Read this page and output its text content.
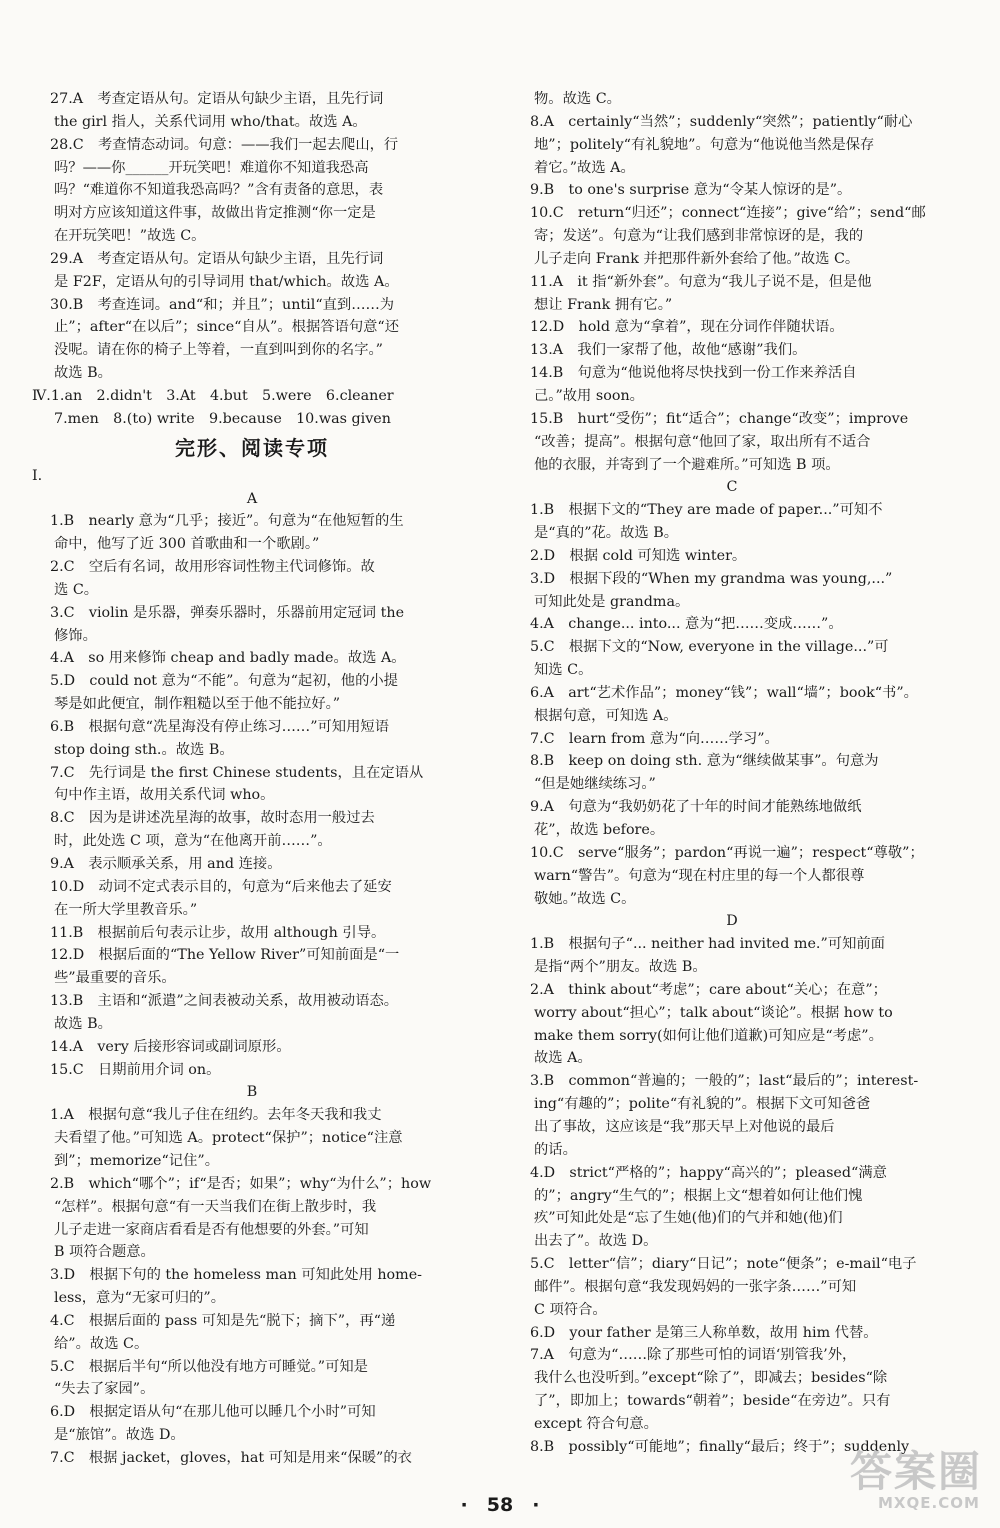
27.A　考查定语从句。定语从句缺少主语，且先行词
the girl 指人，关系代词用 who/that。故选 A。
28.C　考查情态动词。句意：——我们一起去爬山，行
吗？——你______开玩笑吧！难道你不知道我恐高
吗？“难道你不知道我恐高吗？”含有责备的意思，表
明对方应该知道这件事，故做出肯定推测“你一定是
在开玩笑吧！”故选 C。
29.A　考查定语从句。定语从句缺少主语，且先行词
是 F2F，定语从句的引导词用 that/which。故选 A。
30.B　考查连词。and“和；并且”；until“直到……为
止”；after“在以后”；since“自从”。根据答语句意“还
没呢。请在你的椅子上等着，一直到叫到你的名字。”
故选 B。
Ⅳ.1.an　2.didn't　3.At　4.but　5.were　6.cleaner
7.men　8.(to) write　9.because　10.was given
完形、阅读专项
Ⅰ.
A
1.B　nearly 意为“几乎；接近”。句意为“在他短暂的生
命中，他写了近 300 首歌曲和一个歌剧。”
2.C　空后有名词，故用形容词性物主代词修饰。故
选 C。
3.C　violin 是乐器，弹奏乐器时，乐器前用定冠词 the
修饰。
4.A　so 用来修饰 cheap and badly made。故选 A。
5.D　could not 意为“不能”。句意为“起初，他的小提
琴是如此便宜，制作粗糙以至于他不能拉好。”
6.B　根据句意“冼星海没有停止练习……”可知用短语
stop doing sth.。故选 B。
7.C　先行词是 the first Chinese students，且在定语从
句中作主语，故用关系代词 who。
8.C　因为是讲述冼星海的故事，故时态用一般过去
时，此处选 C 项，意为“在他离开前……”。
9.A　表示顺承关系，用 and 连接。
10.D　动词不定式表示目的，句意为“后来他去了延安
在一所大学里教音乐。”
11.B　根据前后句表示让步，故用 although 引导。
12.D　根据后面的“The Yellow River”可知前面是“一
些”最重要的音乐。
13.B　主语和“派遣”之间表被动关系，故用被动语态。
故选 B。
14.A　very 后接形容词或副词原形。
15.C　日期前用介词 on。
B
1.A　根据句意“我儿子住在纽约。去年冬天我和我丈
夫看望了他。”可知选 A。protect“保护”；notice“注意
到”；memorize“记住”。
2.B　which“哪个”；if“是否；如果”；why“为什么”；how
“怎样”。根据句意“有一天当我们在街上散步时，我
儿子走进一家商店看看是否有他想要的外套。”可知
B 项符合题意。
3.D　根据下句的 the homeless man 可知此处用 home-
less，意为“无家可归的”。
4.C　根据后面的 pass 可知是先“脱下；摘下”，再“递
给”。故选 C。
5.C　根据后半句“所以他没有地方可睡觉。”可知是
“失去了家园”。
6.D　根据定语从句“在那儿他可以睡几个小时”可知
是“旅馆”。故选 D。
7.C　根据 jacket，gloves，hat 可知是用来“保暖”的衣
物。故选 C。
8.A　certainly“当然”；suddenly“突然”；patiently“耐心
地”；politely“有礼貌地”。句意为“他说他当然是保存
着它。”故选 A。
9.B　to one's surprise 意为“令某人惊讶的是”。
10.C　return“归还”；connect“连接”；give“给”；send“邮
寄；发送”。句意为“让我们感到非常惊讶的是，我的
儿子走向 Frank 并把那件新外套给了他。”故选 C。
11.A　it 指“新外套”。句意为“我儿子说不是，但是他
想让 Frank 拥有它。”
12.D　hold 意为“拿着”，现在分词作伴随状语。
13.A　我们一家帮了他，故他“感谢”我们。
14.B　句意为“他说他将尽快找到一份工作来养活自
己。”故用 soon。
15.B　hurt“受伤”；fit“适合”；change“改变”；improve
“改善；提高”。根据句意“他回了家，取出所有不适合
他的衣服，并寄到了一个避难所。”可知选 B 项。
C
1.B　根据下文的“They are made of paper...”可知不
是“真的”花。故选 B。
2.D　根据 cold 可知选 winter。
3.D　根据下段的“When my grandma was young,...”
可知此处是 grandma。
4.A　change... into... 意为“把……变成……”。
5.C　根据下文的“Now, everyone in the village...”可
知选 C。
6.A　art“艺术作品”；money“钱”；wall“墙”；book“书”。
根据句意，可知选 A。
7.C　learn from 意为“向……学习”。
8.B　keep on doing sth. 意为“继续做某事”。句意为
“但是她继续练习。”
9.A　句意为“我奶奶花了十年的时间才能熟练地做纸
花”，故选 before。
10.C　serve“服务”；pardon“再说一遍”；respect“尊敬”；
warn“警告”。句意为“现在村庄里的每一个人都很尊
敬她。”故选 C。
D
1.B　根据句子“... neither had invited me.”可知前面
是指“两个”朋友。故选 B。
2.A　think about“考虑”；care about“关心；在意”；
worry about“担心”；talk about“谈论”。根据 how to
make them sorry(如何让他们道歉)可知应是“考虑”。
故选 A。
3.B　common“普遍的；一般的”；last“最后的”；interest-
ing“有趣的”；polite“有礼貌的”。根据下文可知爸爸
出了事故，这应该是“我”那天早上对他说的最后
的话。
4.D　strict“严格的”；happy“高兴的”；pleased“满意
的”；angry“生气的”；根据上文“想着如何让他们愧
疚”可知此处是“忘了生她(他)们的气并和她(他)们
出去了”。故选 D。
5.C　letter“信”；diary“日记”；note“便条”；e-mail“电子
邮件”。根据句意“我发现妈妈的一张字条……”可知
C 项符合。
6.D　your father 是第三人称单数，故用 him 代替。
7.A　句意为“……除了那些可怕的词语‘别管我’外，
我什么也没听到。”except“除了”，即减去；besides“除
了”，即加上；towards“朝着”；beside“在旁边”。只有
except 符合句意。
8.B　possibly“可能地”；finally“最后；终于”；suddenly
·　58　·
答案圈
MXQE.COM
